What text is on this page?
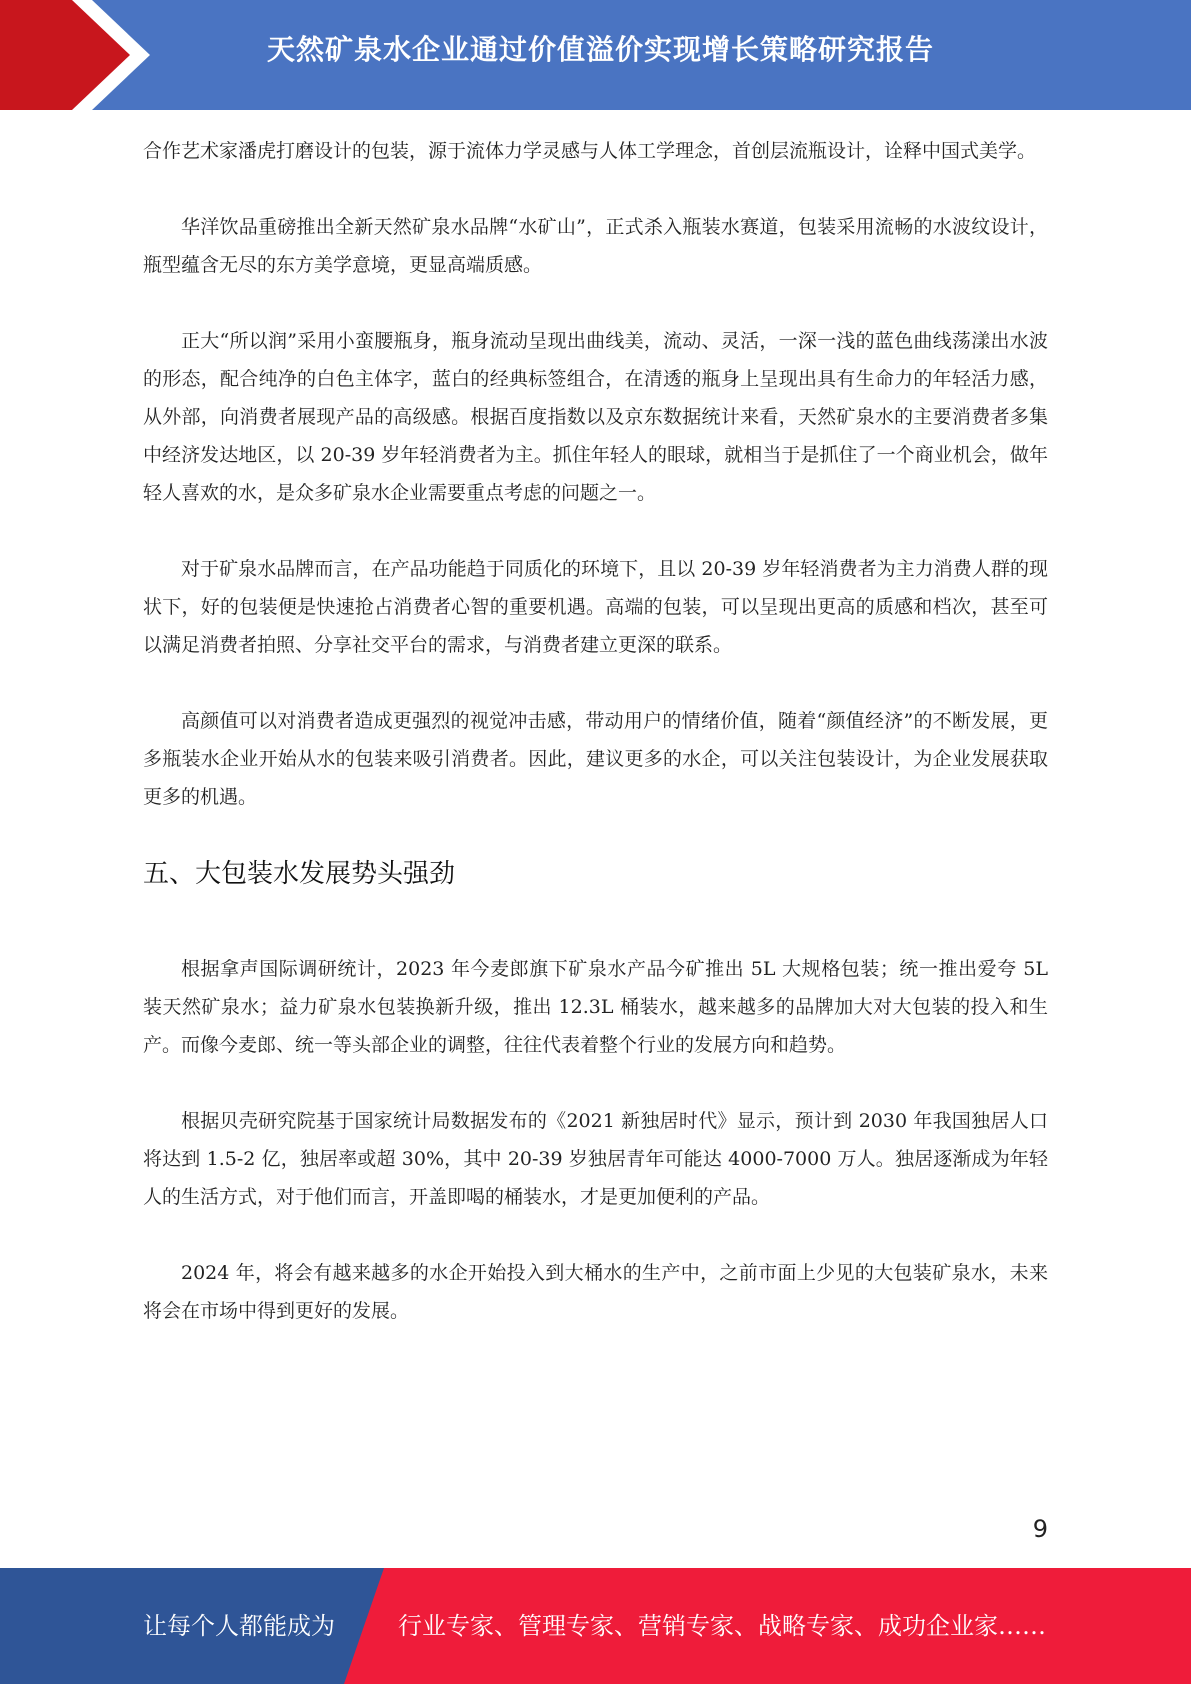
天然矿泉水企业通过价值溢价实现增长策略研究报告

合作艺术家潘虎打磨设计的包装，源于流体力学灵感与人体工学理念，首创层流瓶设计，诠释中国式美学。

华洋饮品重磅推出全新天然矿泉水品牌“水矿山”，正式杀入瓶装水赛道，包装采用流畅的水波纹设计，瓶型蕴含无尽的东方美学意境，更显高端质感。

正大“所以润”采用小蛮腰瓶身，瓶身流动呈现出曲线美，流动、灵活，一深一浅的蓝色曲线荡漾出水波的形态，配合纯净的白色主体字，蓝白的经典标签组合，在清透的瓶身上呈现出具有生命力的年轻活力感，从外部，向消费者展现产品的高级感。根据百度指数以及京东数据统计来看，天然矿泉水的主要消费者多集中经济发达地区，以 20-39 岁年轻消费者为主。抓住年轻人的眼球，就相当于是抓住了一个商业机会，做年轻人喜欢的水，是众多矿泉水企业需要重点考虑的问题之一。

对于矿泉水品牌而言，在产品功能趋于同质化的环境下，且以 20-39 岁年轻消费者为主力消费人群的现状下，好的包装便是快速抢占消费者心智的重要机遇。高端的包装，可以呈现出更高的质感和档次，甚至可以满足消费者拍照、分享社交平台的需求，与消费者建立更深的联系。

高颜值可以对消费者造成更强烈的视觉冲击感，带动用户的情绪价值，随着“颜值经济”的不断发展，更多瓶装水企业开始从水的包装来吸引消费者。因此，建议更多的水企，可以关注包装设计，为企业发展获取更多的机遇。

五、大包装水发展势头强劲

根据拿声国际调研统计，2023 年今麦郎旗下矿泉水产品今矿推出 5L 大规格包装；统一推出爱夸 5L 装天然矿泉水；益力矿泉水包装换新升级，推出 12.3L 桶装水，越来越多的品牌加大对大包装的投入和生产。而像今麦郎、统一等头部企业的调整，往往代表着整个行业的发展方向和趋势。

根据贝壳研究院基于国家统计局数据发布的《2021 新独居时代》显示，预计到 2030 年我国独居人口将达到 1.5-2 亿，独居率或超 30%，其中 20-39 岁独居青年可能达 4000-7000 万人。独居逐渐成为年轻人的生活方式，对于他们而言，开盖即喝的桶装水，才是更加便利的产品。

2024 年，将会有越来越多的水企开始投入到大桶水的生产中，之前市面上少见的大包装矿泉水，未来将会在市场中得到更好的发展。

9
让每个人都能成为	行业专家、管理专家、营销专家、战略专家、成功企业家……
